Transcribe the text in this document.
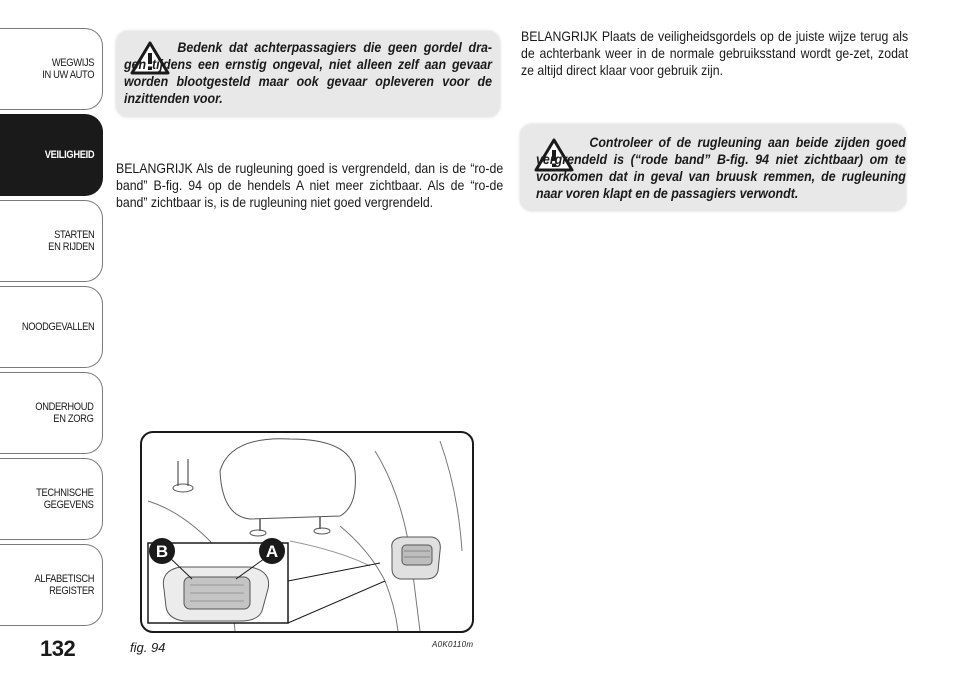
WEGWIJS
IN UW AUTO
VEILIGHEID
STARTEN
EN RIJDEN
NOODGEVALLEN
ONDERHOUD
EN ZORG
TECHNISCHE
GEGEVENS
ALFABETISCH
REGISTER
132

Bedenk dat achterpassagiers die geen gordel dra-gen tijdens een ernstig ongeval, niet alleen zelf aan gevaar worden blootgesteld maar ook gevaar opleveren voor de inzittenden voor.

BELANGRIJK Als de rugleuning goed is vergrendeld, dan is de “ro-de band” B-fig. 94 op de hendels A niet meer zichtbaar. Als de “ro-de band” zichtbaar is, is de rugleuning niet goed vergrendeld.

BELANGRIJK Plaats de veiligheidsgordels op de juiste wijze terug als de achterbank weer in de normale gebruiksstand wordt ge-zet, zodat ze altijd direct klaar voor gebruik zijn.

Controleer of de rugleuning aan beide zijden goed vergrendeld is (“rode band” B-fig. 94 niet zichtbaar) om te voorkomen dat in geval van bruusk remmen, de rugleuning naar voren klapt en de passagiers verwondt.

B	A
fig. 94	A0K0110m
